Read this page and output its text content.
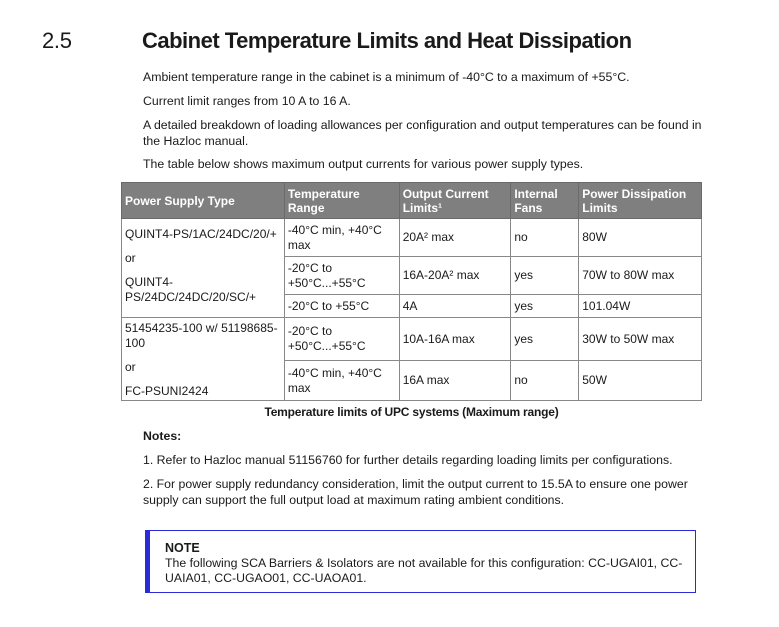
2.5	Cabinet Temperature Limits and Heat Dissipation
Ambient temperature range in the cabinet is a minimum of -40°C to a maximum of +55°C.
Current limit ranges from 10 A to 16 A.
A detailed breakdown of loading allowances per configuration and output temperatures can be found in the Hazloc manual.
The table below shows maximum output currents for various power supply types.
Power Supply Type	Temperature Range	Output Current Limits¹	Internal Fans	Power Dissipation Limits
QUINT4-PS/1AC/24DC/20/+
or
QUINT4-PS/24DC/24DC/20/SC/+	-40°C min, +40°C max	20A² max	no	80W
	-20°C to +50°C...+55°C	16A-20A² max	yes	70W to 80W max
	-20°C to +55°C	4A	yes	101.04W
51454235-100 w/ 51198685-100
or
FC-PSUNI2424	-20°C to +50°C...+55°C	10A-16A max	yes	30W to 50W max
	-40°C min, +40°C max	16A max	no	50W
Temperature limits of UPC systems (Maximum range)
Notes:
1. Refer to Hazloc manual 51156760 for further details regarding loading limits per configurations.
2. For power supply redundancy consideration, limit the output current to 15.5A to ensure one power supply can support the full output load at maximum rating ambient conditions.
NOTE
The following SCA Barriers & Isolators are not available for this configuration: CC-UGAI01, CC-UAIA01, CC-UGAO01, CC-UAOA01.
